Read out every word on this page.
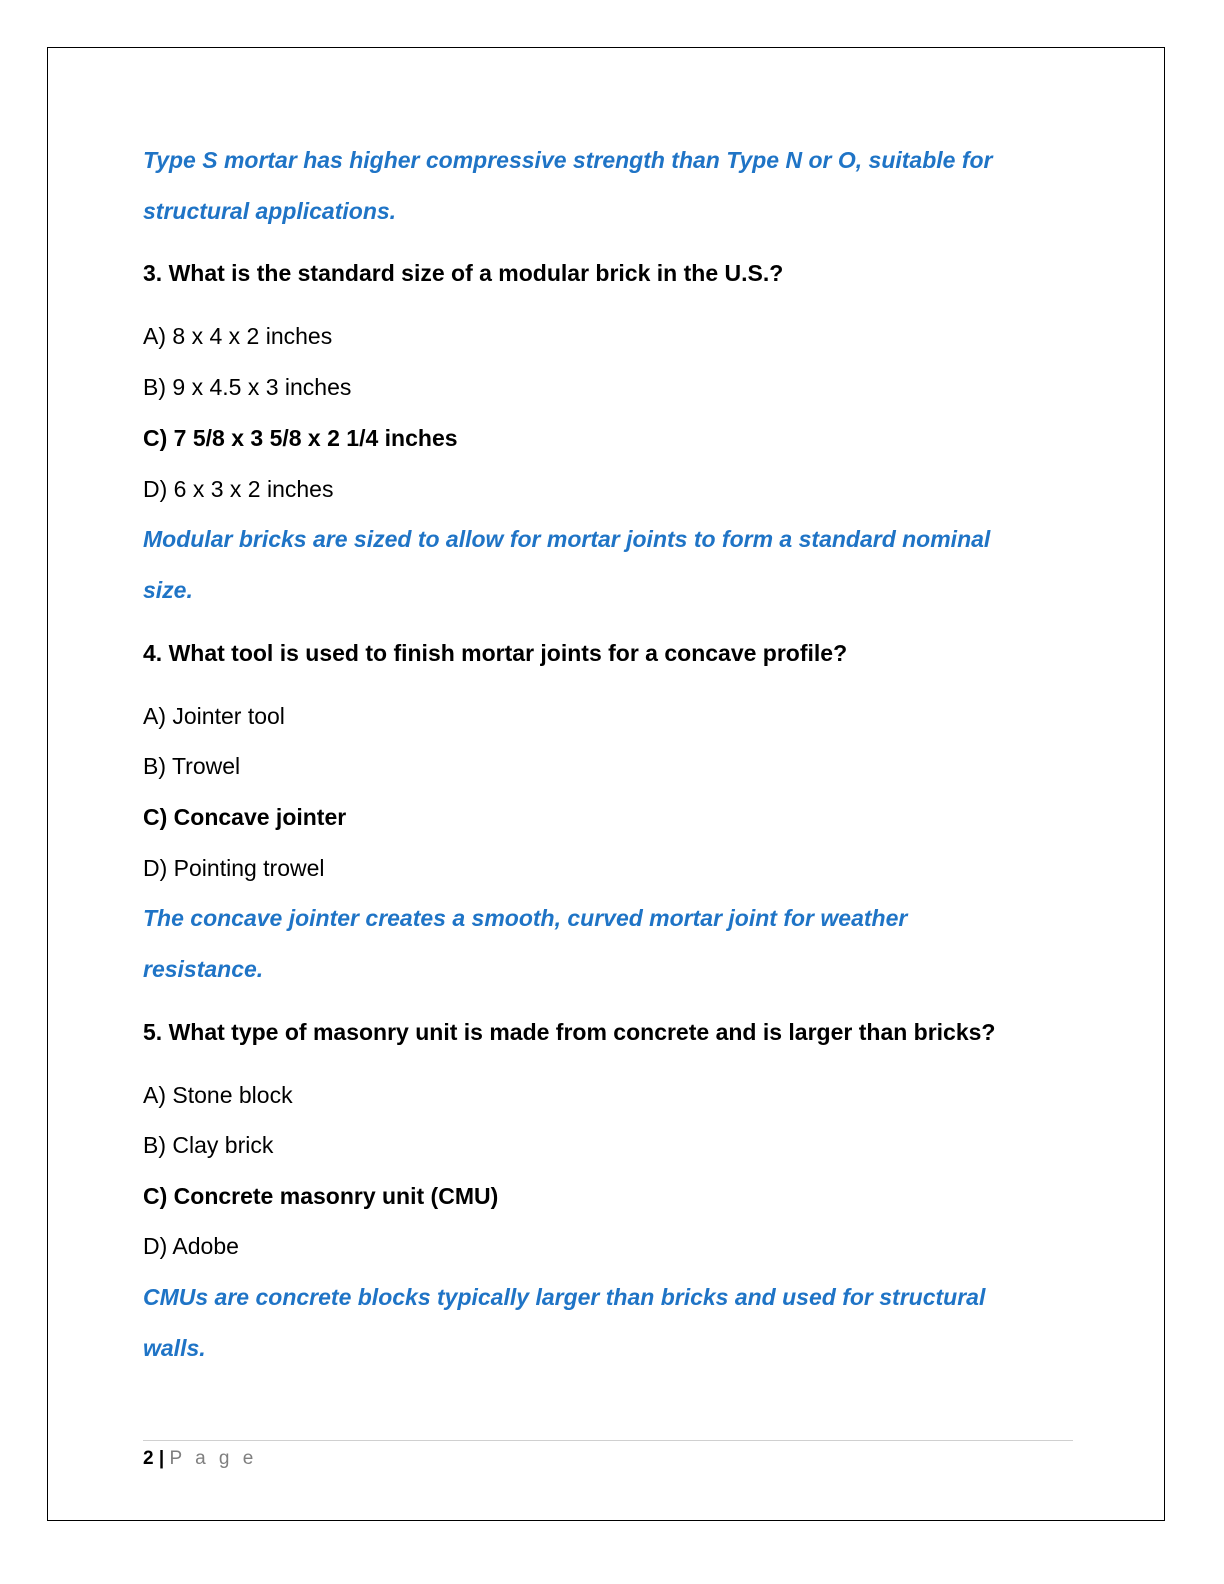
Type S mortar has higher compressive strength than Type N or O, suitable for
structural applications.
3. What is the standard size of a modular brick in the U.S.?
A) 8 x 4 x 2 inches
B) 9 x 4.5 x 3 inches
C) 7 5/8 x 3 5/8 x 2 1/4 inches
D) 6 x 3 x 2 inches
Modular bricks are sized to allow for mortar joints to form a standard nominal
size.
4. What tool is used to finish mortar joints for a concave profile?
A) Jointer tool
B) Trowel
C) Concave jointer
D) Pointing trowel
The concave jointer creates a smooth, curved mortar joint for weather
resistance.
5. What type of masonry unit is made from concrete and is larger than bricks?
A) Stone block
B) Clay brick
C) Concrete masonry unit (CMU)
D) Adobe
CMUs are concrete blocks typically larger than bricks and used for structural
walls.
2 | P a g e
